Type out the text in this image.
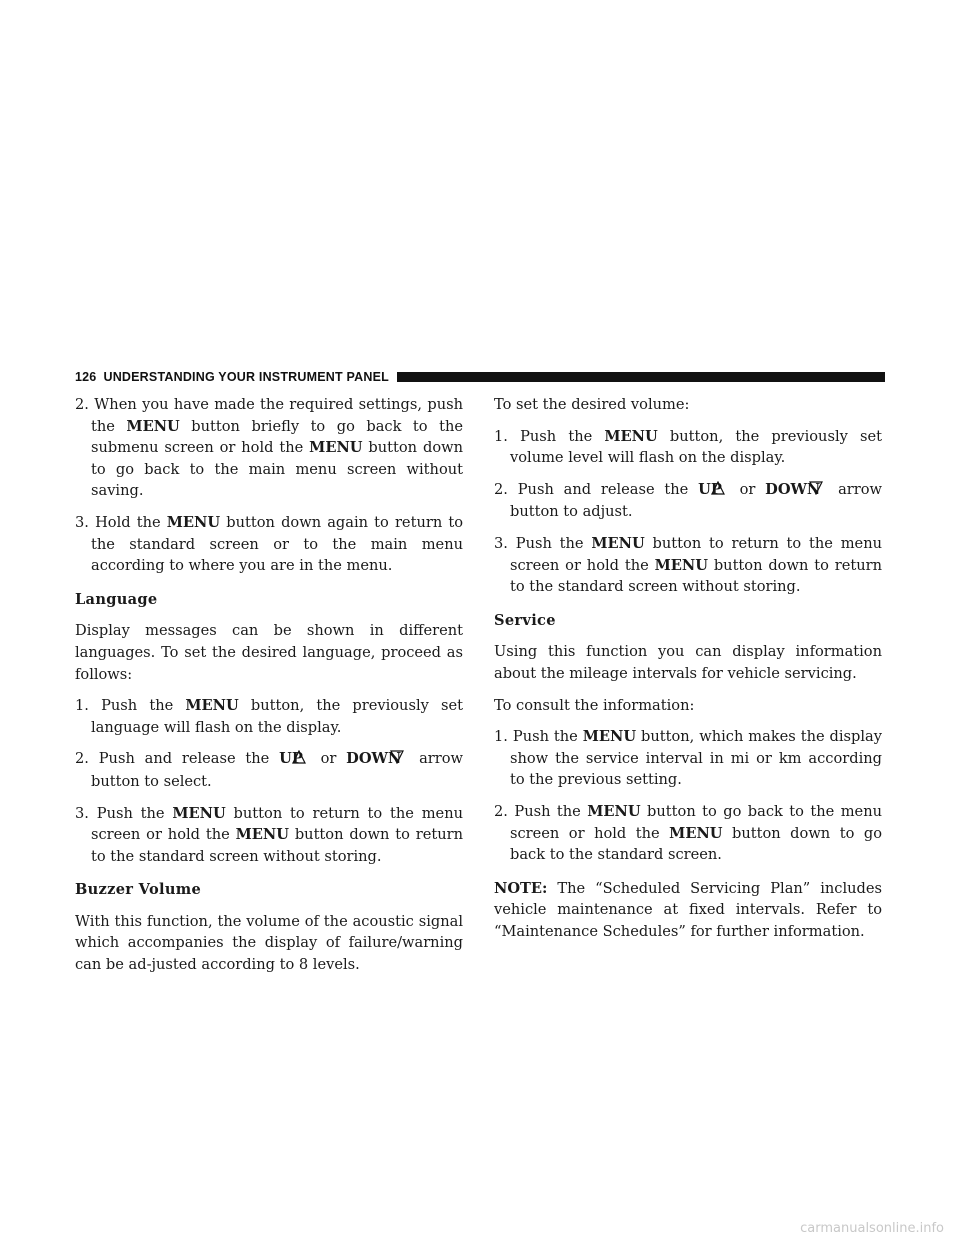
126 UNDERSTANDING YOUR INSTRUMENT PANEL

2. When you have made the required settings, push the MENU button briefly to go back to the submenu screen or hold the MENU button down to go back to the main menu screen without saving.

3. Hold the MENU button down again to return to the standard screen or to the main menu according to where you are in the menu.

Language

Display messages can be shown in different languages. To set the desired language, proceed as follows:

1. Push the MENU button, the previously set language will flash on the display.

2. Push and release the UP or DOWN arrow button to select.

3. Push the MENU button to return to the menu screen or hold the MENU button down to return to the standard screen without storing.

Buzzer Volume

With this function, the volume of the acoustic signal which accompanies the display of failure/warning can be ad-justed according to 8 levels.

To set the desired volume:

1. Push the MENU button, the previously set volume level will flash on the display.

2. Push and release the UP or DOWN arrow button to adjust.

3. Push the MENU button to return to the menu screen or hold the MENU button down to return to the standard screen without storing.

Service

Using this function you can display information about the mileage intervals for vehicle servicing.

To consult the information:

1. Push the MENU button, which makes the display show the service interval in mi or km according to the previous setting.

2. Push the MENU button to go back to the menu screen or hold the MENU button down to go back to the standard screen.

NOTE: The “Scheduled Servicing Plan” includes vehicle maintenance at fixed intervals. Refer to “Maintenance Schedules” for further information.

carmanualsonline.info
